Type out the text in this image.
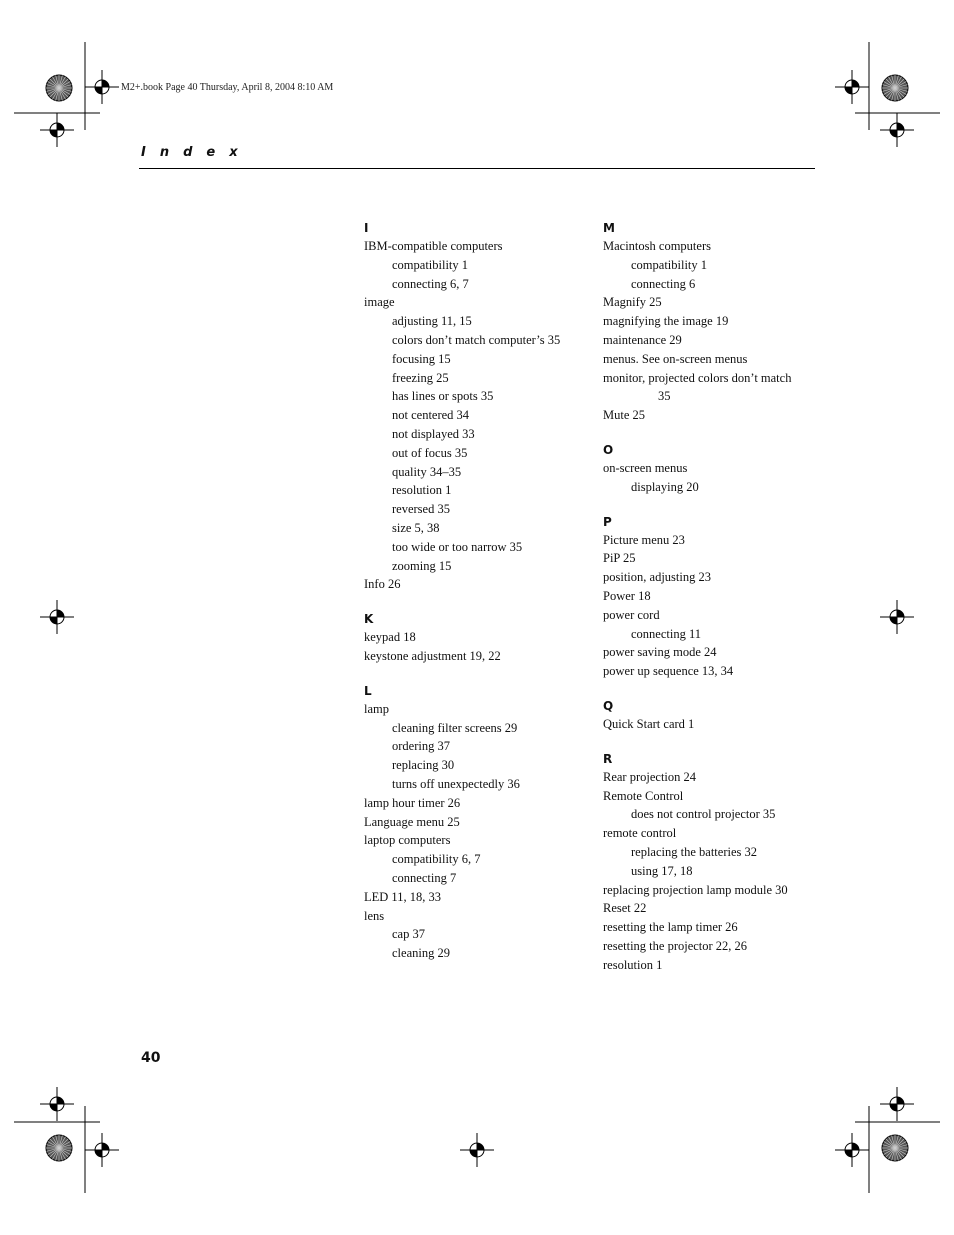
M2+.book Page 40 Thursday, April 8, 2004 8:10 AM
Index
I
IBM-compatible computers
compatibility 1
connecting 6, 7
image
adjusting 11, 15
colors don’t match computer’s 35
focusing 15
freezing 25
has lines or spots 35
not centered 34
not displayed 33
out of focus 35
quality 34–35
resolution 1
reversed 35
size 5, 38
too wide or too narrow 35
zooming 15
Info 26
K
keypad 18
keystone adjustment 19, 22
L
lamp
cleaning filter screens 29
ordering 37
replacing 30
turns off unexpectedly 36
lamp hour timer 26
Language menu 25
laptop computers
compatibility 6, 7
connecting 7
LED 11, 18, 33
lens
cap 37
cleaning 29
M
Macintosh computers
compatibility 1
connecting 6
Magnify 25
magnifying the image 19
maintenance 29
menus. See on-screen menus
monitor, projected colors don’t match
35
Mute 25
O
on-screen menus
displaying 20
P
Picture menu 23
PiP 25
position, adjusting 23
Power 18
power cord
connecting 11
power saving mode 24
power up sequence 13, 34
Q
Quick Start card 1
R
Rear projection 24
Remote Control
does not control projector 35
remote control
replacing the batteries 32
using 17, 18
replacing projection lamp module 30
Reset 22
resetting the lamp timer 26
resetting the projector 22, 26
resolution 1
40
